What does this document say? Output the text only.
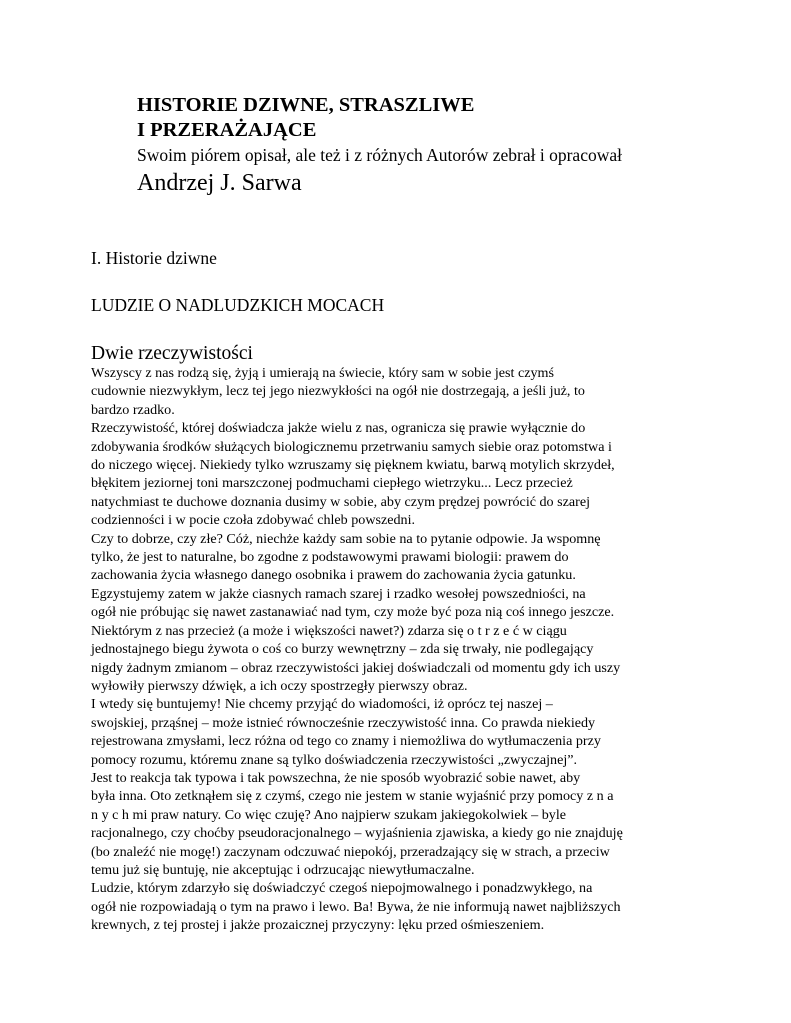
HISTORIE DZIWNE, STRASZLIWE

I PRZERAŻAJĄCE

Swoim piórem opisał, ale też i z różnych Autorów zebrał i opracował

Andrzej J. Sarwa

I. Historie dziwne
LUDZIE O NADLUDZKICH MOCACH
Dwie rzeczywistości
Wszyscy z nas rodzą się, żyją i umierają na świecie, który sam w sobie jest czymś
cudownie niezwykłym, lecz tej jego niezwykłości na ogół nie dostrzegają, a jeśli już, to
bardzo rzadko.
Rzeczywistość, której doświadcza jakże wielu z nas, ogranicza się prawie wyłącznie do
zdobywania środków służących biologicznemu przetrwaniu samych siebie oraz potomstwa i
do niczego więcej. Niekiedy tylko wzruszamy się pięknem kwiatu, barwą motylich skrzydeł,
błękitem jeziornej toni marszczonej podmuchami ciepłego wietrzyku... Lecz przecież
natychmiast te duchowe doznania dusimy w sobie, aby czym prędzej powrócić do szarej
codzienności i w pocie czoła zdobywać chleb powszedni.
Czy to dobrze, czy złe? Cóż, niechże każdy sam sobie na to pytanie odpowie. Ja wspomnę
tylko, że jest to naturalne, bo zgodne z podstawowymi prawami biologii: prawem do
zachowania życia własnego danego osobnika i prawem do zachowania życia gatunku.
Egzystujemy zatem w jakże ciasnych ramach szarej i rzadko wesołej powszedniości, na
ogół nie próbując się nawet zastanawiać nad tym, czy może być poza nią coś innego jeszcze.
Niektórym z nas przecież (a może i większości nawet?) zdarza się o t r z e ć w ciągu
jednostajnego biegu żywota o coś co burzy wewnętrzny – zda się trwały, nie podlegający
nigdy żadnym zmianom – obraz rzeczywistości jakiej doświadczali od momentu gdy ich uszy
wyłowiły pierwszy dźwięk, a ich oczy spostrzegły pierwszy obraz.
I wtedy się buntujemy! Nie chcemy przyjąć do wiadomości, iż oprócz tej naszej –
swojskiej, prząśnej – może istnieć równocześnie rzeczywistość inna. Co prawda niekiedy
rejestrowana zmysłami, lecz różna od tego co znamy i niemożliwa do wytłumaczenia przy
pomocy rozumu, któremu znane są tylko doświadczenia rzeczywistości „zwyczajnej”.
Jest to reakcja tak typowa i tak powszechna, że nie sposób wyobrazić sobie nawet, aby
była inna. Oto zetknąłem się z czymś, czego nie jestem w stanie wyjaśnić przy pomocy z n a
n y c h mi praw natury. Co więc czuję? Ano najpierw szukam jakiegokolwiek – byle
racjonalnego, czy choćby pseudoracjonalnego – wyjaśnienia zjawiska, a kiedy go nie znajduję
(bo znaleźć nie mogę!) zaczynam odczuwać niepokój, przeradzający się w strach, a przeciw
temu już się buntuję, nie akceptując i odrzucając niewytłumaczalne.
Ludzie, którym zdarzyło się doświadczyć czegoś niepojmowalnego i ponadzwykłego, na
ogół nie rozpowiadają o tym na prawo i lewo. Ba! Bywa, że nie informują nawet najbliższych
krewnych, z tej prostej i jakże prozaicznej przyczyny: lęku przed ośmieszeniem.
